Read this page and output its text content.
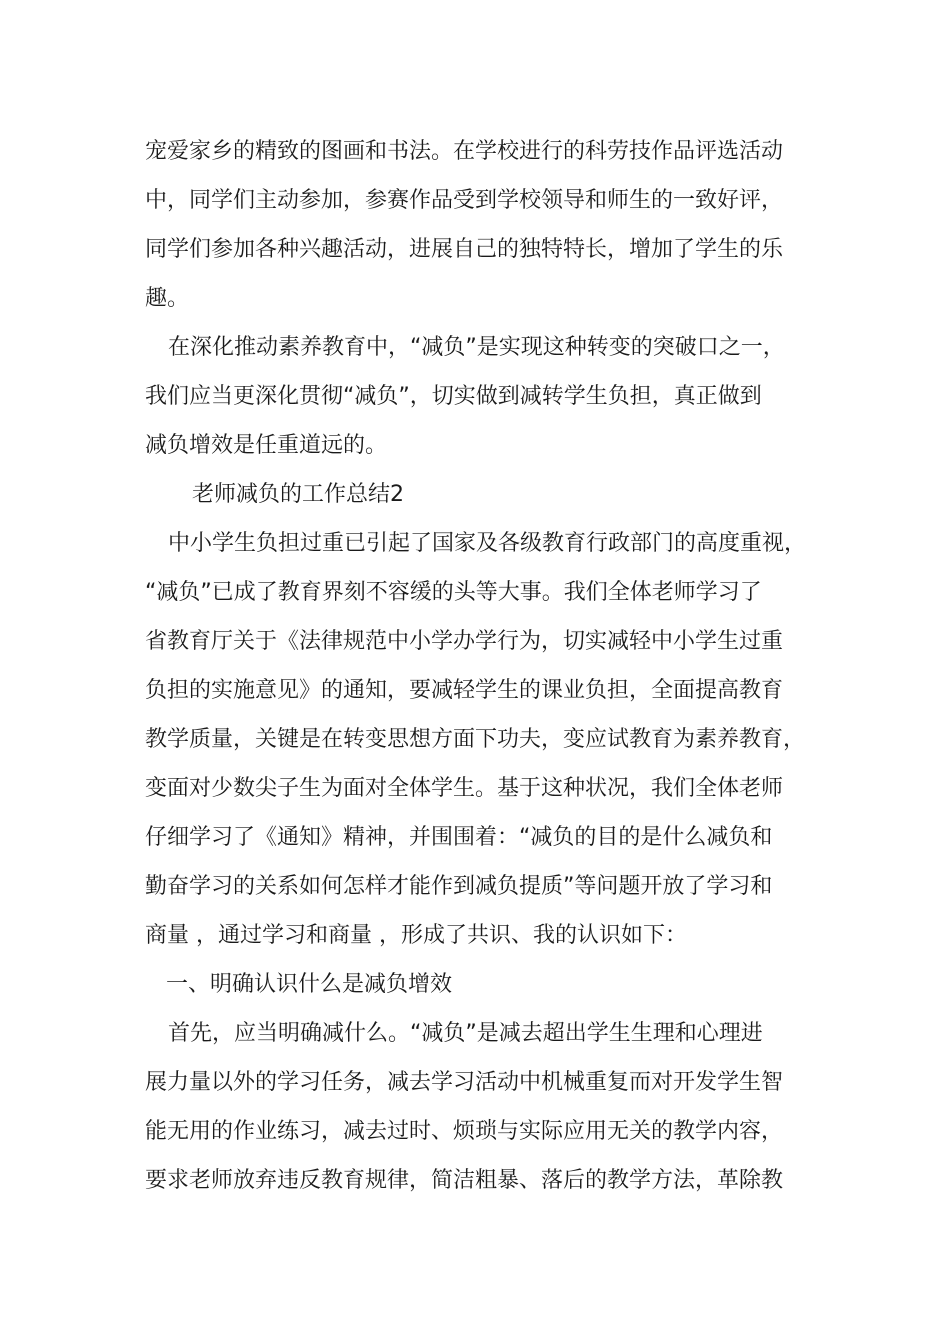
宠爱家乡的精致的图画和书法。在学校进行的科劳技作品评选活动
中，同学们主动参加，参赛作品受到学校领导和师生的一致好评，
同学们参加各种兴趣活动，进展自己的独特特长，增加了学生的乐
趣。
在深化推动素养教育中，“减负”是实现这种转变的突破口之一，
我们应当更深化贯彻“减负”，切实做到减转学生负担，真正做到
减负增效是任重道远的。
老师减负的工作总结2
中小学生负担过重已引起了国家及各级教育行政部门的高度重视，
“减负”已成了教育界刻不容缓的头等大事。我们全体老师学习了
省教育厅关于《法律规范中小学办学行为，切实减轻中小学生过重
负担的实施意见》的通知，要减轻学生的课业负担，全面提高教育
教学质量，关键是在转变思想方面下功夫，变应试教育为素养教育，
变面对少数尖子生为面对全体学生。基于这种状况，我们全体老师
仔细学习了《通知》精神，并围围着：“减负的目的是什么减负和
勤奋学习的关系如何怎样才能作到减负提质”等问题开放了学习和
商量 ，通过学习和商量 ，形成了共识、我的认识如下：
一、明确认识什么是减负增效
首先，应当明确减什么。“减负”是减去超出学生生理和心理进
展力量以外的学习任务，减去学习活动中机械重复而对开发学生智
能无用的作业练习，减去过时、烦琐与实际应用无关的教学内容，
要求老师放弃违反教育规律，简洁粗暴、落后的教学方法，革除教
